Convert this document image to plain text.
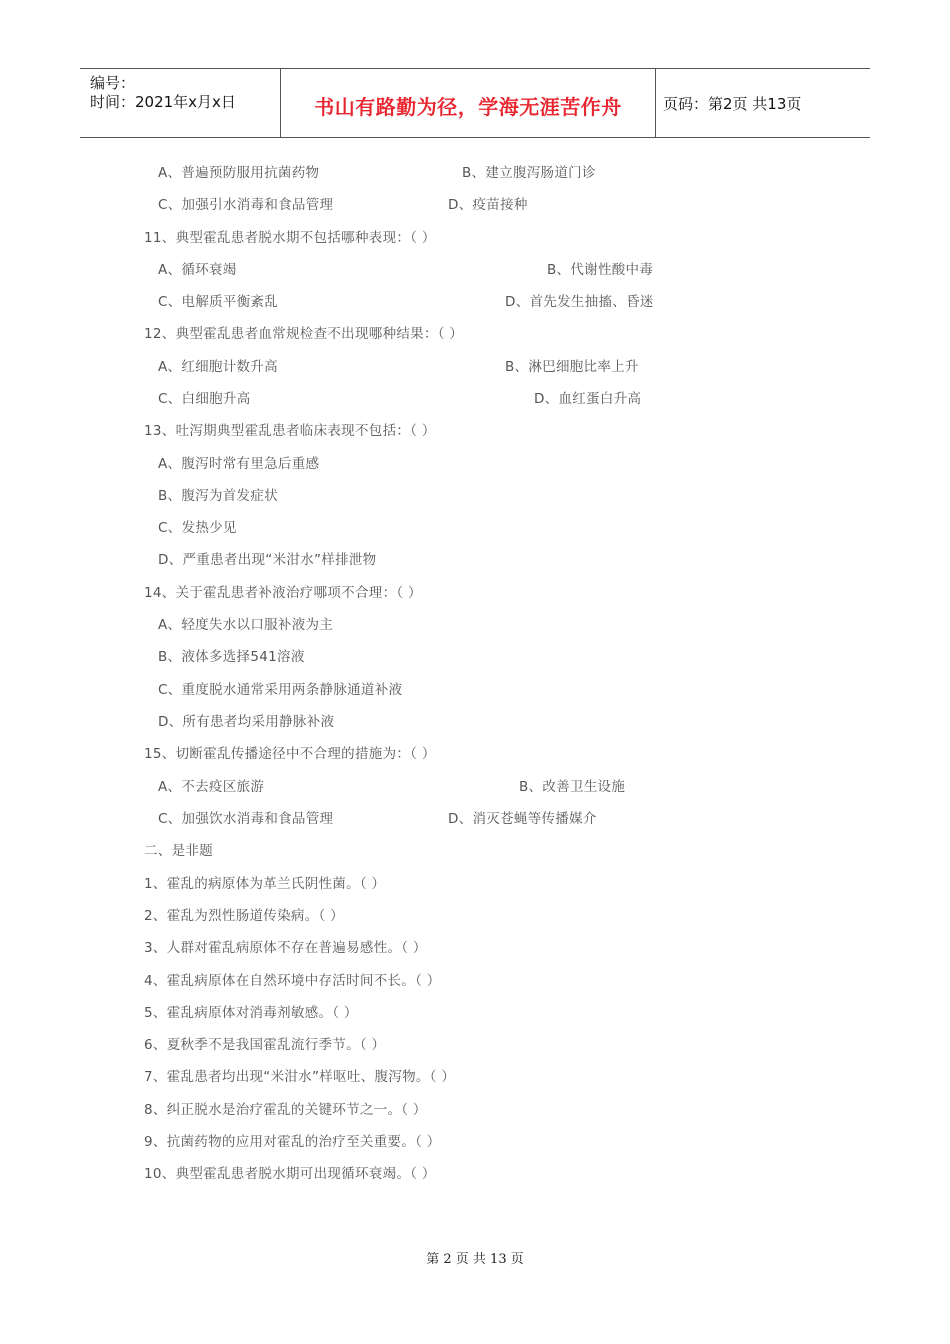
编号：
时间：2021年x月x日	书山有路勤为径，学海无涯苦作舟	页码：第2页 共13页
A、普遍预防服用抗菌药物	B、建立腹泻肠道门诊
C、加强引水消毒和食品管理	D、疫苗接种
11、典型霍乱患者脱水期不包括哪种表现：（ ）
A、循环衰竭	B、代谢性酸中毒
C、电解质平衡紊乱	D、首先发生抽搐、昏迷
12、典型霍乱患者血常规检查不出现哪种结果：（ ）
A、红细胞计数升高	B、淋巴细胞比率上升
C、白细胞升高	D、血红蛋白升高
13、吐泻期典型霍乱患者临床表现不包括：（ ）
A、腹泻时常有里急后重感
B、腹泻为首发症状
C、发热少见
D、严重患者出现“米泔水”样排泄物
14、关于霍乱患者补液治疗哪项不合理：（ ）
A、轻度失水以口服补液为主
B、液体多选择541溶液
C、重度脱水通常采用两条静脉通道补液
D、所有患者均采用静脉补液
15、切断霍乱传播途径中不合理的措施为：（ ）
A、不去疫区旅游	B、改善卫生设施
C、加强饮水消毒和食品管理	D、消灭苍蝇等传播媒介
二、是非题
1、霍乱的病原体为革兰氏阴性菌。（ ）
2、霍乱为烈性肠道传染病。（ ）
3、人群对霍乱病原体不存在普遍易感性。（ ）
4、霍乱病原体在自然环境中存活时间不长。（ ）
5、霍乱病原体对消毒剂敏感。（ ）
6、夏秋季不是我国霍乱流行季节。（ ）
7、霍乱患者均出现“米泔水”样呕吐、腹泻物。（ ）
8、纠正脱水是治疗霍乱的关键环节之一。（ ）
9、抗菌药物的应用对霍乱的治疗至关重要。（ ）
10、典型霍乱患者脱水期可出现循环衰竭。（ ）
第 2 页 共 13 页
